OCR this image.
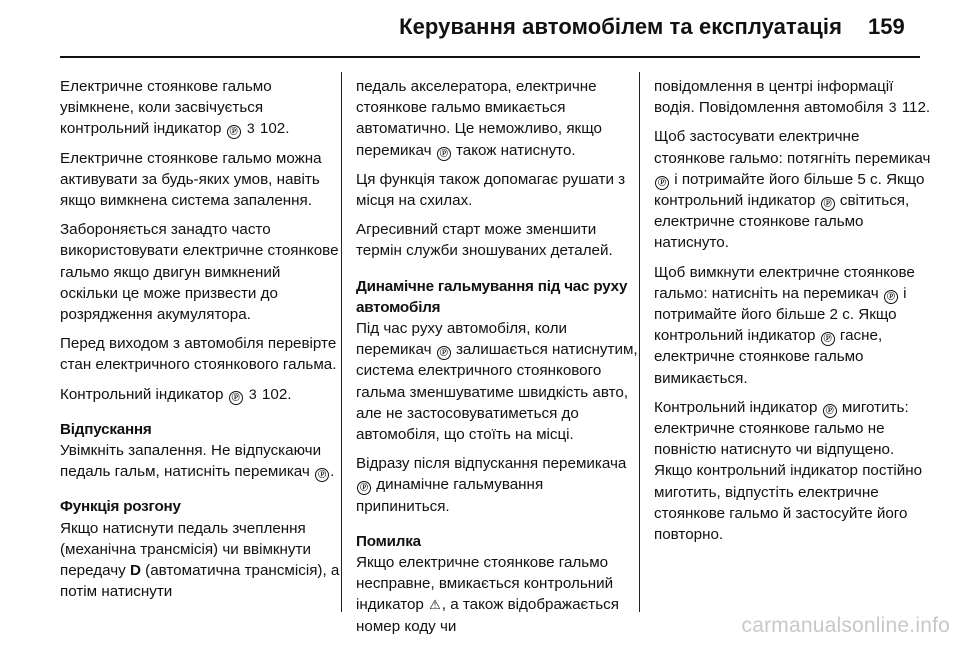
Керування автомобілем та експлуатація 159

Електричне стоянкове гальмо увімкнене, коли засвічується контрольний індикатор Ⓟ 3 102.

Електричне стоянкове гальмо можна активувати за будь-яких умов, навіть якщо вимкнена система запалення.

Забороняється занадто часто використовувати електричне стоянкове гальмо якщо двигун вимкнений оскільки це може призвести до розрядження акумулятора.

Перед виходом з автомобіля перевірте стан електричного стоянкового гальма.

Контрольний індикатор Ⓟ 3 102.

Відпускання

Увімкніть запалення. Не відпускаючи педаль гальм, натисніть перемикач Ⓟ .

Функція розгону

Якщо натиснути педаль зчеплення (механічна трансмісія) чи ввімкнути передачу D (автоматична трансмісія), а потім натиснути

педаль акселератора, електричне стоянкове гальмо вмикається автоматично. Це неможливо, якщо перемикач Ⓟ також натиснуто.

Ця функція також допомагає рушати з місця на схилах.

Агресивний старт може зменшити термін служби зношуваних деталей.

Динамічне гальмування під час руху автомобіля

Під час руху автомобіля, коли перемикач Ⓟ залишається натиснутим, система електричного стоянкового гальма зменшуватиме швидкість авто, але не застосовуватиметься до автомобіля, що стоїть на місці.

Відразу після відпускання перемикача Ⓟ динамічне гальмування припиниться.

Помилка

Якщо електричне стоянкове гальмо несправне, вмикається контрольний індикатор ⚠, а також відображається номер коду чи

повідомлення в центрі інформації водія. Повідомлення автомобіля 3 112.

Щоб застосувати електричне стоянкове гальмо: потягніть перемикач Ⓟ і потримайте його більше 5 с. Якщо контрольний індикатор Ⓟ світиться, електричне стоянкове гальмо натиснуто.

Щоб вимкнути електричне стоянкове гальмо: натисніть на перемикач Ⓟ і потримайте його більше 2 с. Якщо контрольний індикатор Ⓟ гасне, електричне стоянкове гальмо вимикається.

Контрольний індикатор Ⓟ миготить: електричне стоянкове гальмо не повністю натиснуто чи відпущено. Якщо контрольний індикатор постійно миготить, відпустіть електричне стоянкове гальмо й застосуйте його повторно.

carmanualsonline.info
